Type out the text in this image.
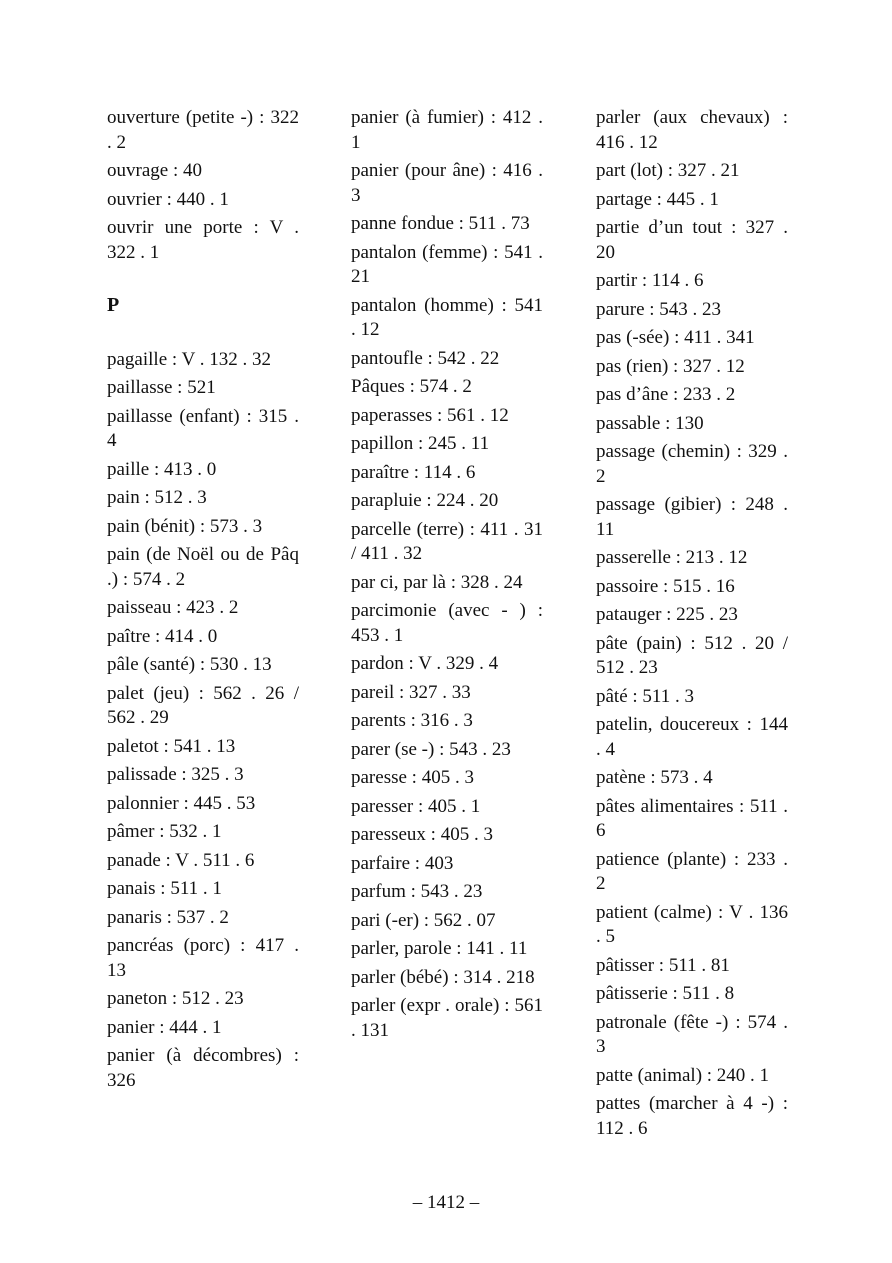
ouverture (petite -) : 322 . 2
ouvrage : 40
ouvrier : 440 . 1
ouvrir une porte : V . 322 . 1
P
pagaille : V . 132 . 32
paillasse : 521
paillasse (enfant) : 315 . 4
paille : 413 . 0
pain : 512 . 3
pain (bénit) : 573 . 3
pain (de Noël ou de Pâq .) : 574 . 2
paisseau : 423 . 2
paître : 414 . 0
pâle (santé) : 530 . 13
palet (jeu) : 562 . 26 / 562 . 29
paletot : 541 . 13
palissade : 325 . 3
palonnier : 445 . 53
pâmer : 532 . 1
panade : V . 511 . 6
panais : 511 . 1
panaris : 537 . 2
pancréas (porc) : 417 . 13
paneton : 512 . 23
panier : 444 . 1
panier (à décombres) : 326
panier (à fumier) : 412 . 1
panier (pour âne) : 416 . 3
panne fondue : 511 . 73
pantalon (femme) : 541 . 21
pantalon (homme) : 541 . 12
pantoufle : 542 . 22
Pâques : 574 . 2
paperasses : 561 . 12
papillon : 245 . 11
paraître : 114 . 6
parapluie : 224 . 20
parcelle (terre) : 411 . 31 / 411 . 32
par ci, par là : 328 . 24
parcimonie (avec - ) : 453 . 1
pardon : V . 329 . 4
pareil : 327 . 33
parents : 316 . 3
parer (se -) : 543 . 23
paresse : 405 . 3
paresser : 405 . 1
paresseux : 405 . 3
parfaire : 403
parfum : 543 . 23
pari (-er) : 562 . 07
parler, parole : 141 . 11
parler (bébé) : 314 . 218
parler (expr . orale) : 561 . 131
parler (aux chevaux) : 416 . 12
part (lot) : 327 . 21
partage : 445 . 1
partie d’un tout : 327 . 20
partir : 114 . 6
parure : 543 . 23
pas (-sée) : 411 . 341
pas (rien) : 327 . 12
pas d’âne : 233 . 2
passable : 130
passage (chemin) : 329 . 2
passage (gibier) : 248 . 11
passerelle : 213 . 12
passoire : 515 . 16
patauger : 225 . 23
pâte (pain) : 512 . 20 / 512 . 23
pâté : 511 . 3
patelin, doucereux : 144 . 4
patène : 573 . 4
pâtes alimentaires : 511 . 6
patience (plante) : 233 . 2
patient (calme) : V . 136 . 5
pâtisser : 511 . 81
pâtisserie : 511 . 8
patronale (fête -) : 574 . 3
patte (animal) : 240 . 1
pattes (marcher à 4 -) : 112 . 6
– 1412 –
